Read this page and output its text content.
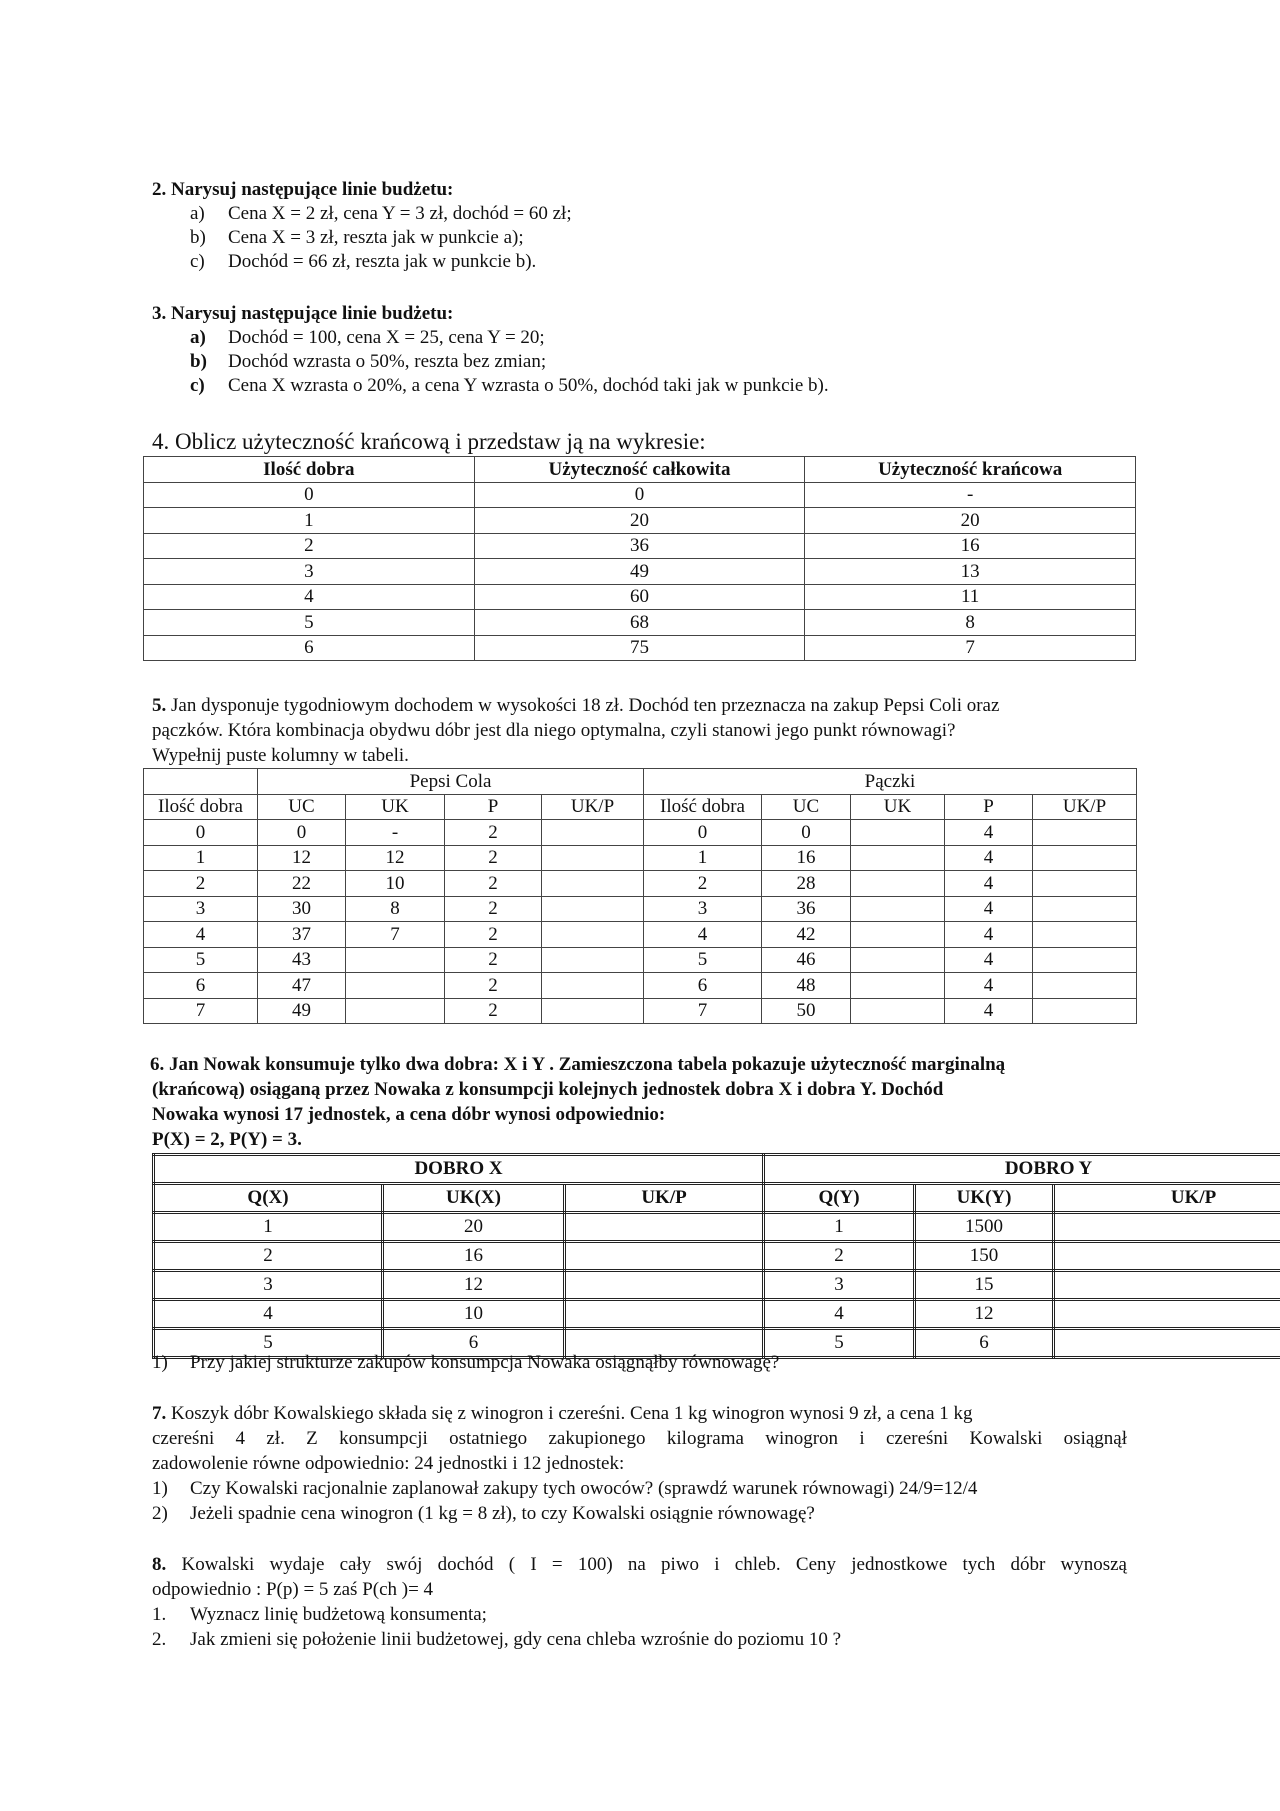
2. Narysuj następujące linie budżetu:
a) Cena X = 2 zł, cena Y = 3 zł, dochód = 60 zł;
b) Cena X = 3 zł, reszta jak w punkcie a);
c) Dochód = 66 zł, reszta jak w punkcie b).
3. Narysuj następujące linie budżetu:
a) Dochód = 100, cena X = 25, cena Y = 20;
b) Dochód wzrasta o 50%, reszta bez zmian;
c) Cena X wzrasta o 20%, a cena Y wzrasta o 50%, dochód taki jak w punkcie b).
4. Oblicz użyteczność krańcową i przedstaw ją na wykresie:
Ilość dobra	Użyteczność całkowita	Użyteczność krańcowa
0	0	-
1	20	20
2	36	16
3	49	13
4	60	11
5	68	8
6	75	7
5. Jan dysponuje tygodniowym dochodem w wysokości 18 zł. Dochód ten przeznacza na zakup Pepsi Coli oraz
pączków. Która kombinacja obydwu dóbr jest dla niego optymalna, czyli stanowi jego punkt równowagi?
Wypełnij puste kolumny w tabeli.
	Pepsi Cola				Pączki				
Ilość dobra	UC	UK	P	UK/P	Ilość dobra	UC	UK	P	UK/P
0	0	-	2		0	0		4	
1	12	12	2		1	16		4	
2	22	10	2		2	28		4	
3	30	8	2		3	36		4	
4	37	7	2		4	42		4	
5	43		2		5	46		4	
6	47		2		6	48		4	
7	49		2		7	50		4	
6. Jan Nowak konsumuje tylko dwa dobra: X i Y . Zamieszczona tabela pokazuje użyteczność marginalną
(krańcową) osiąganą przez Nowaka z konsumpcji kolejnych jednostek dobra X i dobra Y. Dochód
Nowaka wynosi 17 jednostek, a cena dóbr wynosi odpowiednio:
P(X) = 2, P(Y) = 3.
DOBRO X			DOBRO Y		
Q(X)	UK(X)	UK/P	Q(Y)	UK(Y)	UK/P
1	20		1	1500	
2	16		2	150	
3	12		3	15	
4	10		4	12	
5	6		5	6	
1) Przy jakiej strukturze zakupów konsumpcja Nowaka osiągnąłby równowagę?
7. Koszyk dóbr Kowalskiego składa się z winogron i czereśni. Cena 1 kg winogron wynosi 9 zł, a cena 1 kg
czereśni 4 zł. Z konsumpcji ostatniego zakupionego kilograma winogron i czereśni Kowalski osiągnął
zadowolenie równe odpowiednio: 24 jednostki i 12 jednostek:
1) Czy Kowalski racjonalnie zaplanował zakupy tych owoców? (sprawdź warunek równowagi) 24/9=12/4
2) Jeżeli spadnie cena winogron (1 kg = 8 zł), to czy Kowalski osiągnie równowagę?
8. Kowalski wydaje cały swój dochód ( I = 100) na piwo i chleb. Ceny jednostkowe tych dóbr wynoszą
odpowiednio : P(p) = 5 zaś P(ch )= 4
1. Wyznacz linię budżetową konsumenta;
2. Jak zmieni się położenie linii budżetowej, gdy cena chleba wzrośnie do poziomu 10 ?
